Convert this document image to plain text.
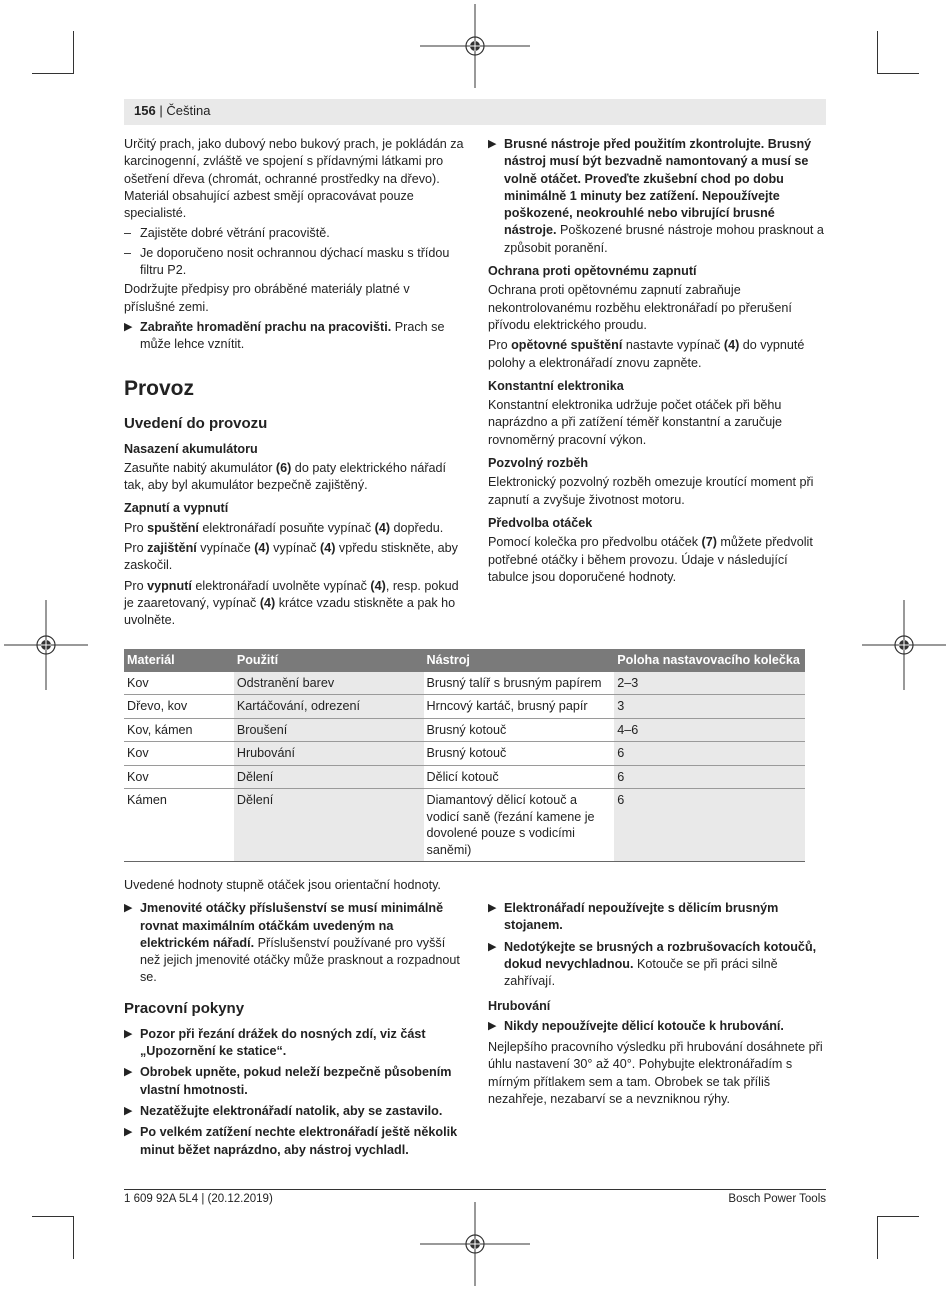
156 | Čeština

Určitý prach, jako dubový nebo bukový prach, je pokládán za karcinogenní, zvláště ve spojení s přídavnými látkami pro ošetření dřeva (chromát, ochranné prostředky na dřevo). Materiál obsahující azbest smějí opracovávat pouze specialisté.

– Zajistěte dobré větrání pracoviště.
– Je doporučeno nosit ochrannou dýchací masku s třídou filtru P2.

Dodržujte předpisy pro obráběné materiály platné v příslušné zemi.

▶ Zabraňte hromadění prachu na pracovišti. Prach se může lehce vznítit.
Provoz
Uvedení do provozu
Nasazení akumulátoru

Zasuňte nabitý akumulátor (6) do paty elektrického nářadí tak, aby byl akumulátor bezpečně zajištěný.

Zapnutí a vypnutí

Pro spuštění elektronářadí posuňte vypínač (4) dopředu.

Pro zajištění vypínače (4) vypínač (4) vpředu stiskněte, aby zaskočil.

Pro vypnutí elektronářadí uvolněte vypínač (4), resp. pokud je zaaretovaný, vypínač (4) krátce vzadu stiskněte a pak ho uvolněte.

▶ Brusné nástroje před použitím zkontrolujte. Brusný nástroj musí být bezvadně namontovaný a musí se volně otáčet. Proveďte zkušební chod po dobu minimálně 1 minuty bez zatížení. Nepoužívejte poškozené, neokrouhlé nebo vibrující brusné nástroje. Poškozené brusné nástroje mohou prasknout a způsobit poranění.
Ochrana proti opětovnému zapnutí

Ochrana proti opětovnému zapnutí zabraňuje nekontrolovanému rozběhu elektronářadí po přerušení přívodu elektrického proudu.

Pro opětovné spuštění nastavte vypínač (4) do vypnuté polohy a elektronářadí znovu zapněte.

Konstantní elektronika

Konstantní elektronika udržuje počet otáček při běhu naprázdno a při zatížení téměř konstantní a zaručuje rovnoměrný pracovní výkon.

Pozvolný rozběh

Elektronický pozvolný rozběh omezuje kroutící moment při zapnutí a zvyšuje životnost motoru.

Předvolba otáček

Pomocí kolečka pro předvolbu otáček (7) můžete předvolit potřebné otáčky i během provozu. Údaje v následující tabulce jsou doporučené hodnoty.

Materiál	Použití	Nástroj	Poloha nastavovacího kolečka
Kov	Odstranění barev	Brusný talíř s brusným papírem	2–3
Dřevo, kov	Kartáčování, odrezení	Hrncový kartáč, brusný papír	3
Kov, kámen	Broušení	Brusný kotouč	4–6
Kov	Hrubování	Brusný kotouč	6
Kov	Dělení	Dělicí kotouč	6
Kámen	Dělení	Diamantový dělicí kotouč a vodicí saně (řezání kamene je dovolené pouze s vodicími saněmi)	6

Uvedené hodnoty stupně otáček jsou orientační hodnoty.

▶ Jmenovité otáčky příslušenství se musí minimálně rovnat maximálním otáčkám uvedeným na elektrickém nářadí. Příslušenství používané pro vyšší než jejich jmenovité otáčky může prasknout a rozpadnout se.
Pracovní pokyny
▶ Pozor při řezání drážek do nosných zdí, viz část „Upozornění ke statice“.
▶ Obrobek upněte, pokud neleží bezpečně působením vlastní hmotnosti.
▶ Nezatěžujte elektronářadí natolik, aby se zastavilo.
▶ Po velkém zatížení nechte elektronářadí ještě několik minut běžet naprázdno, aby nástroj vychladl.
▶ Elektronářadí nepoužívejte s dělicím brusným stojanem.
▶ Nedotýkejte se brusných a rozbrušovacích kotoučů, dokud nevychladnou. Kotouče se při práci silně zahřívají.
Hrubování
▶ Nikdy nepoužívejte dělicí kotouče k hrubování.

Nejlepšího pracovního výsledku při hrubování dosáhnete při úhlu nastavení 30° až 40°. Pohybujte elektronářadím s mírným přítlakem sem a tam. Obrobek se tak příliš nezahřeje, nezabarví se a nevzniknou rýhy.

1 609 92A 5L4 | (20.12.2019)	Bosch Power Tools
